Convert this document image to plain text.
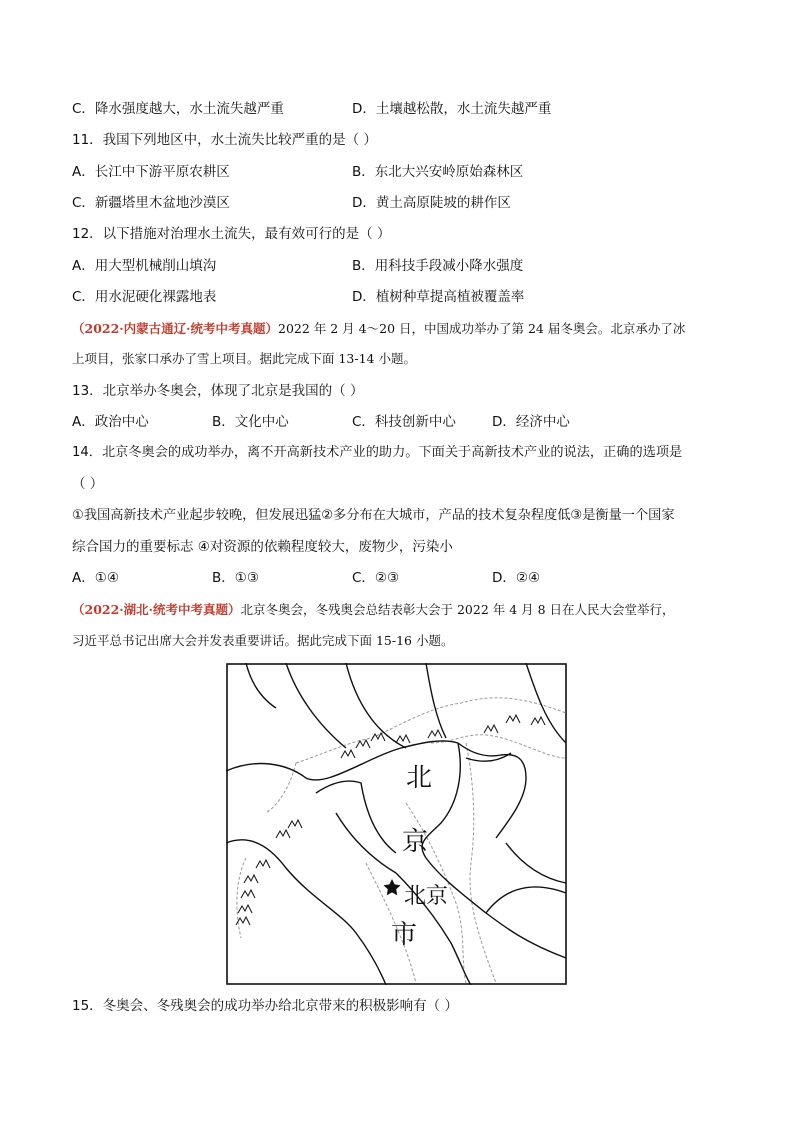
C．降水强度越大，水土流失越严重	D．土壤越松散，水土流失越严重
11．我国下列地区中，水土流失比较严重的是（ ）
A．长江中下游平原农耕区	B．东北大兴安岭原始森林区
C．新疆塔里木盆地沙漠区	D．黄土高原陡坡的耕作区
12．以下措施对治理水土流失，最有效可行的是（ ）
A．用大型机械削山填沟	B．用科技手段减小降水强度
C．用水泥硬化裸露地表	D．植树种草提高植被覆盖率
（2022·内蒙古通辽·统考中考真题）2022 年 2 月 4～20 日，中国成功举办了第 24 届冬奥会。北京承办了冰
上项目，张家口承办了雪上项目。据此完成下面 13-14 小题。
13．北京举办冬奥会，体现了北京是我国的（ ）
A．政治中心	B．文化中心	C．科技创新中心	D．经济中心
14．北京冬奥会的成功举办，离不开高新技术产业的助力。下面关于高新技术产业的说法，正确的选项是
（ ）
①我国高新技术产业起步较晚，但发展迅猛②多分布在大城市，产品的技术复杂程度低③是衡量一个国家
综合国力的重要标志 ④对资源的依赖程度较大，废物少，污染小
A．①④	B．①③	C．②③	D．②④
（2022·湖北·统考中考真题）北京冬奥会，冬残奥会总结表彰大会于 2022 年 4 月 8 日在人民大会堂举行，
习近平总书记出席大会并发表重要讲话。据此完成下面 15-16 小题。
北
京
市
北京
15．冬奥会、冬残奥会的成功举办给北京带来的积极影响有（ ）
